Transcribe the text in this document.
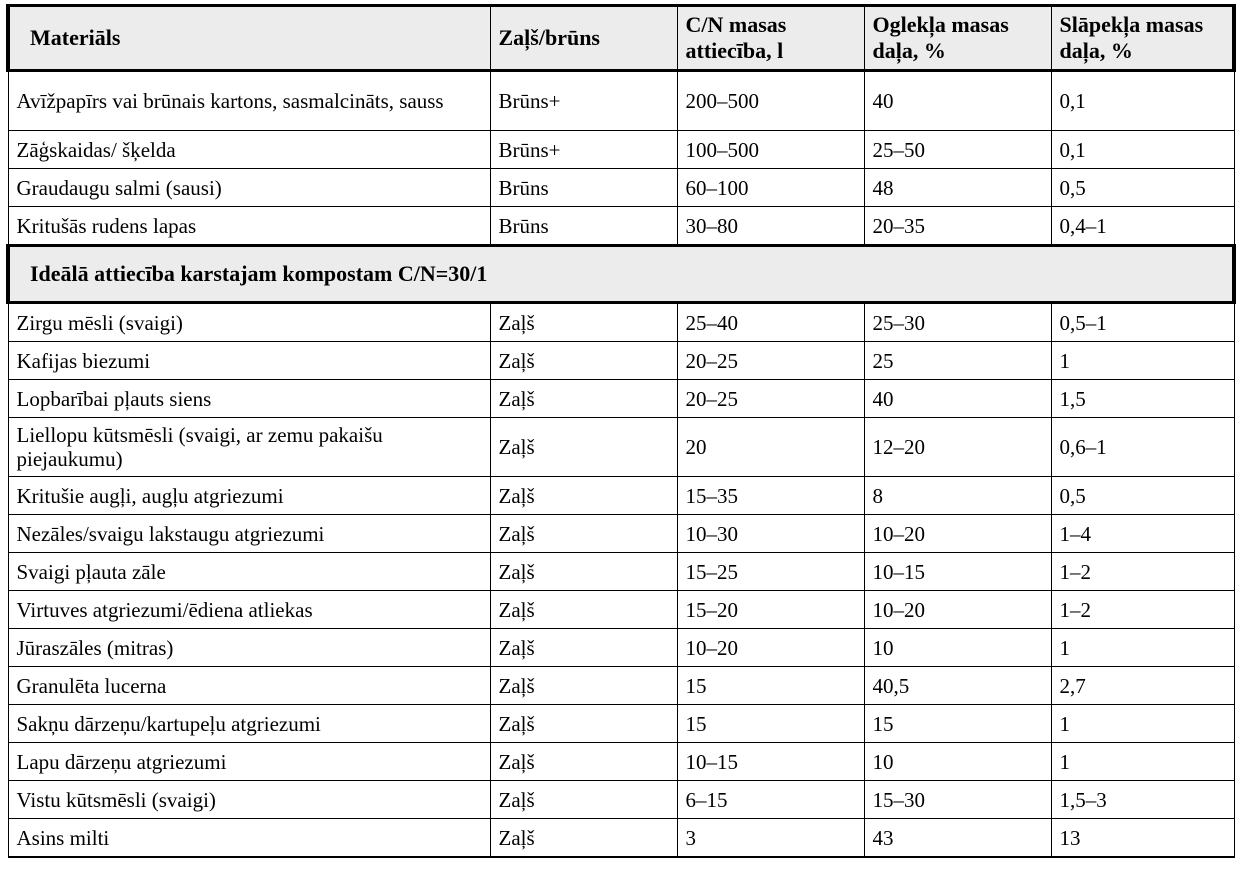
Materiāls	Zaļš/brūns	C/N masas attiecība, l	Oglekļa masas daļa, %	Slāpekļa masas daļa, %
Avīžpapīrs vai brūnais kartons, sasmalcināts, sauss	Brūns+	200–500	40	0,1
Zāģskaidas/ šķelda	Brūns+	100–500	25–50	0,1
Graudaugu salmi (sausi)	Brūns	60–100	48	0,5
Kritušās rudens lapas	Brūns	30–80	20–35	0,4–1
Ideālā attiecība karstajam kompostam C/N=30/1				
Zirgu mēsli (svaigi)	Zaļš	25–40	25–30	0,5–1
Kafijas biezumi	Zaļš	20–25	25	1
Lopbarībai pļauts siens	Zaļš	20–25	40	1,5
Liellopu kūtsmēsli (svaigi, ar zemu pakaišu piejaukumu)	Zaļš	20	12–20	0,6–1
Kritušie augļi, augļu atgriezumi	Zaļš	15–35	8	0,5
Nezāles/svaigu lakstaugu atgriezumi	Zaļš	10–30	10–20	1–4
Svaigi pļauta zāle	Zaļš	15–25	10–15	1–2
Virtuves atgriezumi/ēdiena atliekas	Zaļš	15–20	10–20	1–2
Jūraszāles (mitras)	Zaļš	10–20	10	1
Granulēta lucerna	Zaļš	15	40,5	2,7
Sakņu dārzeņu/kartupeļu atgriezumi	Zaļš	15	15	1
Lapu dārzeņu atgriezumi	Zaļš	10–15	10	1
Vistu kūtsmēsli (svaigi)	Zaļš	6–15	15–30	1,5–3
Asins milti	Zaļš	3	43	13
